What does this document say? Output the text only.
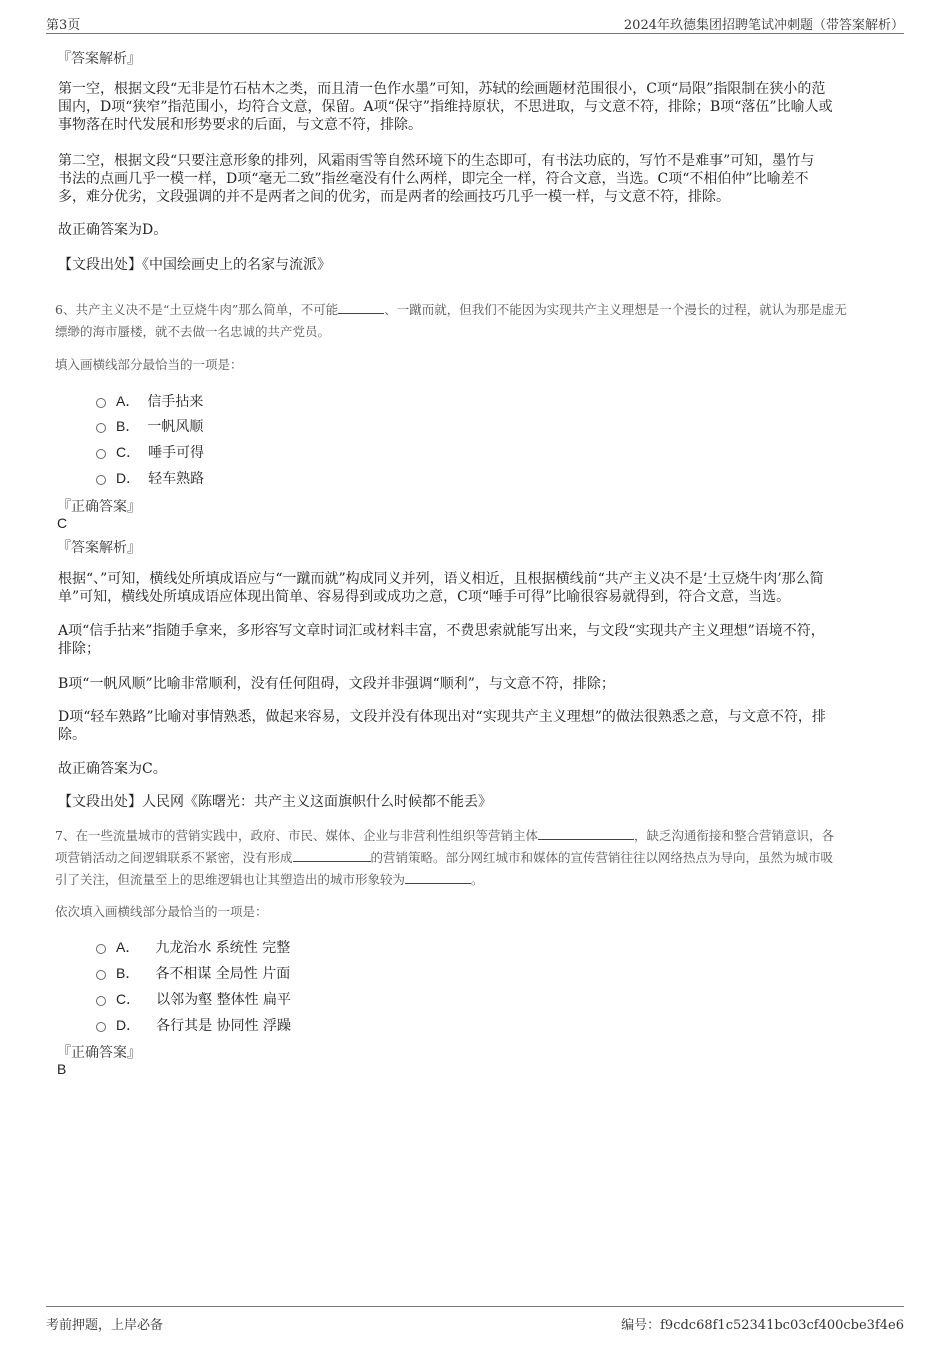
第3页	2024年玖德集团招聘笔试冲刺题（带答案解析）
『答案解析』
第一空，根据文段“无非是竹石枯木之类，而且清一色作水墨”可知，苏轼的绘画题材范围很小，C项“局限”指限制在狭小的范
围内，D项“狭窄”指范围小，均符合文意，保留。A项“保守”指维持原状，不思进取，与文意不符，排除；B项“落伍”比喻人或
事物落在时代发展和形势要求的后面，与文意不符，排除。
第二空，根据文段“只要注意形象的排列，风霜雨雪等自然环境下的生态即可，有书法功底的，写竹不是难事”可知，墨竹与
书法的点画几乎一模一样，D项“毫无二致”指丝毫没有什么两样，即完全一样，符合文意，当选。C项“不相伯仲”比喻差不
多，难分优劣，文段强调的并不是两者之间的优劣，而是两者的绘画技巧几乎一模一样，与文意不符，排除。
故正确答案为D。
【文段出处】《中国绘画史上的名家与流派》
6、共产主义决不是“土豆烧牛肉”那么简单，不可能	、一蹴而就，但我们不能因为实现共产主义理想是一个漫长的过程，就认为那是虚无
缥缈的海市蜃楼，就不去做一名忠诚的共产党员。
填入画横线部分最恰当的一项是：
A． 信手拈来
B． 一帆风顺
C． 唾手可得
D． 轻车熟路
『正确答案』
C
『答案解析』
根据“、”可知，横线处所填成语应与“一蹴而就”构成同义并列，语义相近，且根据横线前“共产主义决不是‘土豆烧牛肉’那么简
单”可知，横线处所填成语应体现出简单、容易得到或成功之意，C项“唾手可得”比喻很容易就得到，符合文意，当选。
A项“信手拈来”指随手拿来，多形容写文章时词汇或材料丰富，不费思索就能写出来，与文段“实现共产主义理想”语境不符，
排除；
B项“一帆风顺”比喻非常顺利，没有任何阻碍，文段并非强调“顺利”，与文意不符，排除；
D项“轻车熟路”比喻对事情熟悉，做起来容易，文段并没有体现出对“实现共产主义理想”的做法很熟悉之意，与文意不符，排
除。
故正确答案为C。
【文段出处】人民网《陈曙光：共产主义这面旗帜什么时候都不能丢》
7、在一些流量城市的营销实践中，政府、市民、媒体、企业与非营利性组织等营销主体	，缺乏沟通衔接和整合营销意识，各
项营销活动之间逻辑联系不紧密，没有形成	的营销策略。部分网红城市和媒体的宣传营销往往以网络热点为导向，虽然为城市吸
引了关注，但流量至上的思维逻辑也让其塑造出的城市形象较为	。
依次填入画横线部分最恰当的一项是：
A． 九龙治水 系统性 完整
B． 各不相谋 全局性 片面
C． 以邻为壑 整体性 扁平
D． 各行其是 协同性 浮躁
『正确答案』
B
考前押题，上岸必备	编号：f9cdc68f1c52341bc03cf400cbe3f4e6
